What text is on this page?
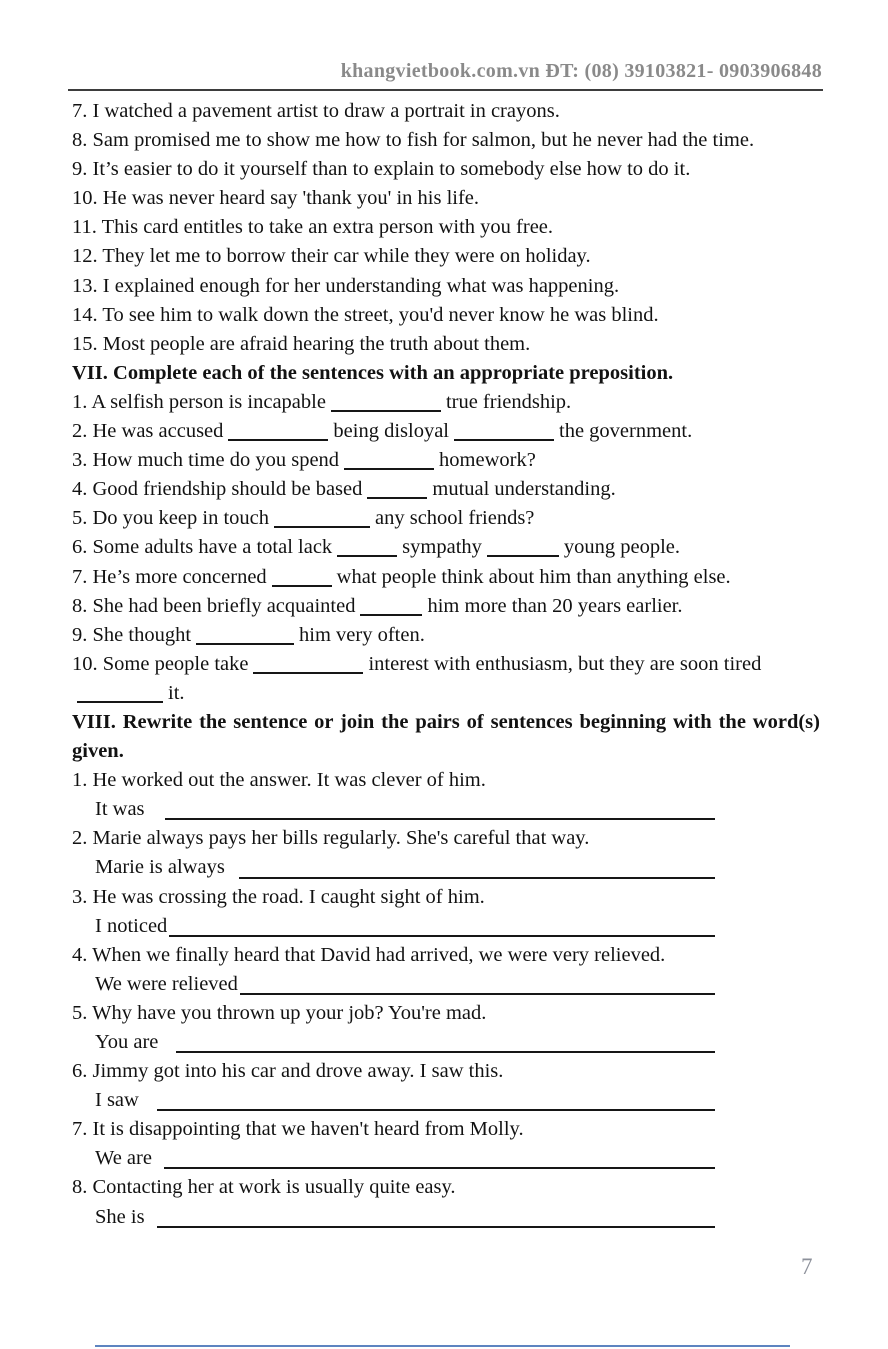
khangvietbook.com.vn ĐT: (08) 39103821- 0903906848
7. I watched a pavement artist to draw a portrait in crayons.
8. Sam promised me to show me how to fish for salmon, but he never had the time.
9. It’s easier to do it yourself than to explain to somebody else how to do it.
10. He was never heard say 'thank you' in his life.
11. This card entitles to take an extra person with you free.
12. They let me to borrow their car while they were on holiday.
13. I explained enough for her understanding what was happening.
14. To see him to walk down the street, you'd never know he was blind.
15. Most people are afraid hearing the truth about them.
VII. Complete each of the sentences with an appropriate preposition.
1. A selfish person is incapable	true friendship.
2. He was accused	being disloyal	the government.
3. How much time do you spend	homework?
4. Good friendship should be based	mutual understanding.
5. Do you keep in touch	any school friends?
6. Some adults have a total lack	sympathy	young people.
7. He’s more concerned	what people think about him than anything else.
8. She had been briefly acquainted	him more than 20 years earlier.
9. She thought	him very often.
10. Some people take	interest with enthusiasm, but they are soon tired
it.
VIII. Rewrite the sentence or join the pairs of sentences beginning with the word(s)
given.
1. He worked out the answer. It was clever of him.
It was
2. Marie always pays her bills regularly. She's careful that way.
Marie is always
3. He was crossing the road. I caught sight of him.
I noticed
4. When we finally heard that David had arrived, we were very relieved.
We were relieved
5. Why have you thrown up your job? You're mad.
You are
6. Jimmy got into his car and drove away. I saw this.
I saw
7. It is disappointing that we haven't heard from Molly.
We are
8. Contacting her at work is usually quite easy.
She is
7
